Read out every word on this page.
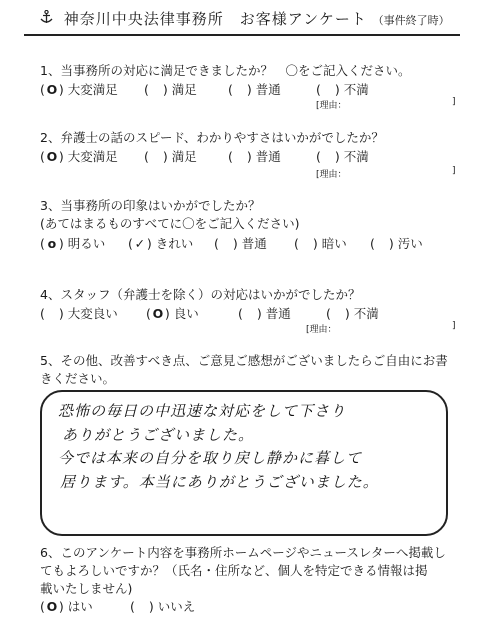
神奈川中央法律事務所　お客様アンケート （事件終了時）
1、当事務所の対応に満足できましたか？　〇をご記入ください。
( O ) 大変満足 ( ) 満足 ( ) 普通	( ) 不満
[理由：	]
2、弁護士の話のスピード、わかりやすさはいかがでしたか？
( O ) 大変満足 ( ) 満足 ( ) 普通	( ) 不満
[理由：	]
3、当事務所の印象はいかがでしたか？
(あてはまるものすべてに〇をご記入ください)
( o ) 明るい ( ✓ ) きれい ( ) 普通 ( ) 暗い ( ) 汚い
4、スタッフ（弁護士を除く）の対応はいかがでしたか？
( ) 大変良い ( O ) 良い	( ) 普通	( ) 不満
[理由：	]
5、その他、改善すべき点、ご意見ご感想がございましたらご自由にお書
きください。
恐怖の毎日の中迅速な対応をして下さり
ありがとうございました。
今では本来の自分を取り戻し静かに暮して
居ります。本当にありがとうございました。
6、このアンケート内容を事務所ホームページやニュースレターへ掲載し
てもよろしいですか？（氏名・住所など、個人を特定できる情報は掲
載いたしません)
( O ) はい	( ) いいえ
